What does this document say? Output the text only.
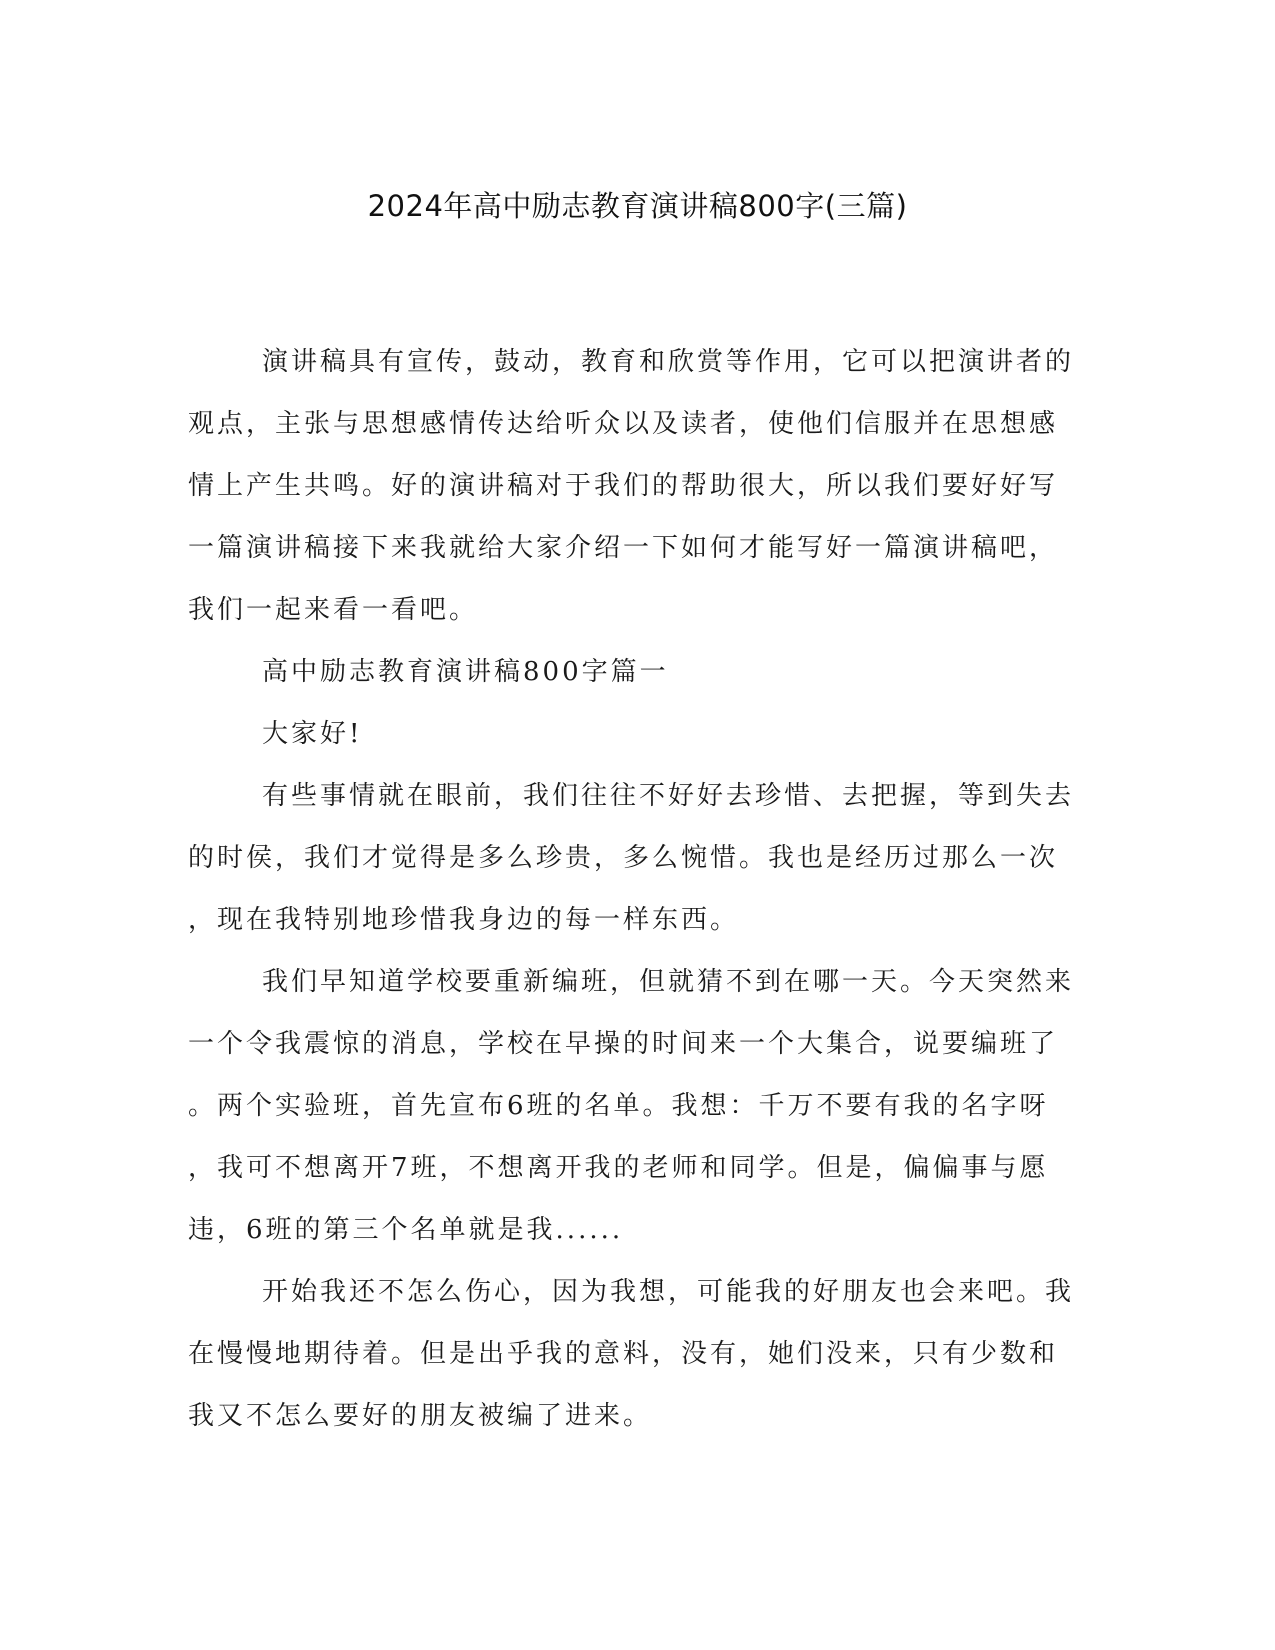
2024年高中励志教育演讲稿800字(三篇)

演讲稿具有宣传，鼓动，教育和欣赏等作用，它可以把演讲者的
观点，主张与思想感情传达给听众以及读者，使他们信服并在思想感
情上产生共鸣。好的演讲稿对于我们的帮助很大，所以我们要好好写
一篇演讲稿接下来我就给大家介绍一下如何才能写好一篇演讲稿吧，
我们一起来看一看吧。

高中励志教育演讲稿800字篇一

大家好!

有些事情就在眼前，我们往往不好好去珍惜、去把握，等到失去
的时侯，我们才觉得是多么珍贵，多么惋惜。我也是经历过那么一次
，现在我特别地珍惜我身边的每一样东西。

我们早知道学校要重新编班，但就猜不到在哪一天。今天突然来
一个令我震惊的消息，学校在早操的时间来一个大集合，说要编班了
。两个实验班，首先宣布6班的名单。我想：千万不要有我的名字呀
，我可不想离开7班，不想离开我的老师和同学。但是，偏偏事与愿
违，6班的第三个名单就是我......

开始我还不怎么伤心，因为我想，可能我的好朋友也会来吧。我
在慢慢地期待着。但是出乎我的意料，没有，她们没来，只有少数和
我又不怎么要好的朋友被编了进来。
